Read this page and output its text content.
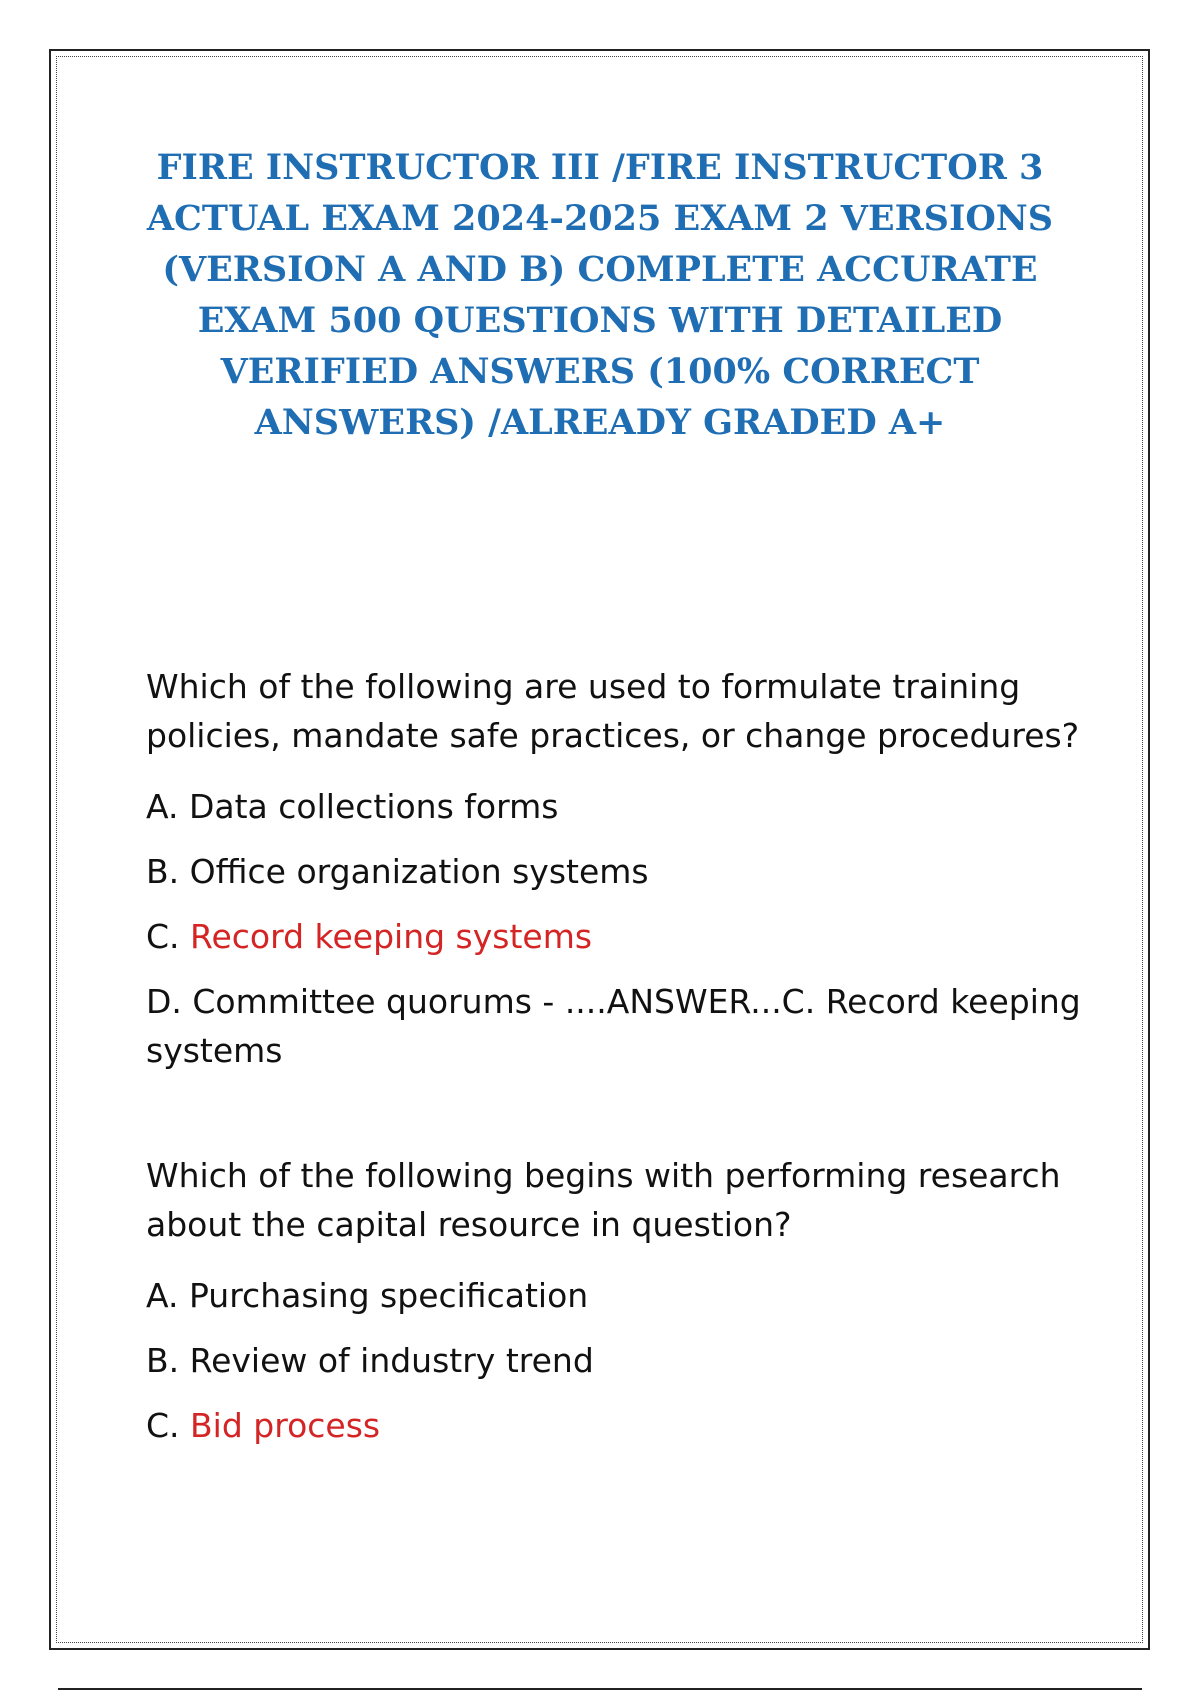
FIRE INSTRUCTOR III /FIRE INSTRUCTOR 3 ACTUAL EXAM 2024-2025 EXAM 2 VERSIONS (VERSION A AND B) COMPLETE ACCURATE EXAM 500 QUESTIONS WITH DETAILED VERIFIED ANSWERS (100% CORRECT ANSWERS) /ALREADY GRADED A+

Which of the following are used to formulate training policies, mandate safe practices, or change procedures?

A. Data collections forms

B. Office organization systems

C. Record keeping systems

D. Committee quorums - ....ANSWER...C. Record keeping systems

Which of the following begins with performing research about the capital resource in question?

A. Purchasing specification

B. Review of industry trend

C. Bid process
